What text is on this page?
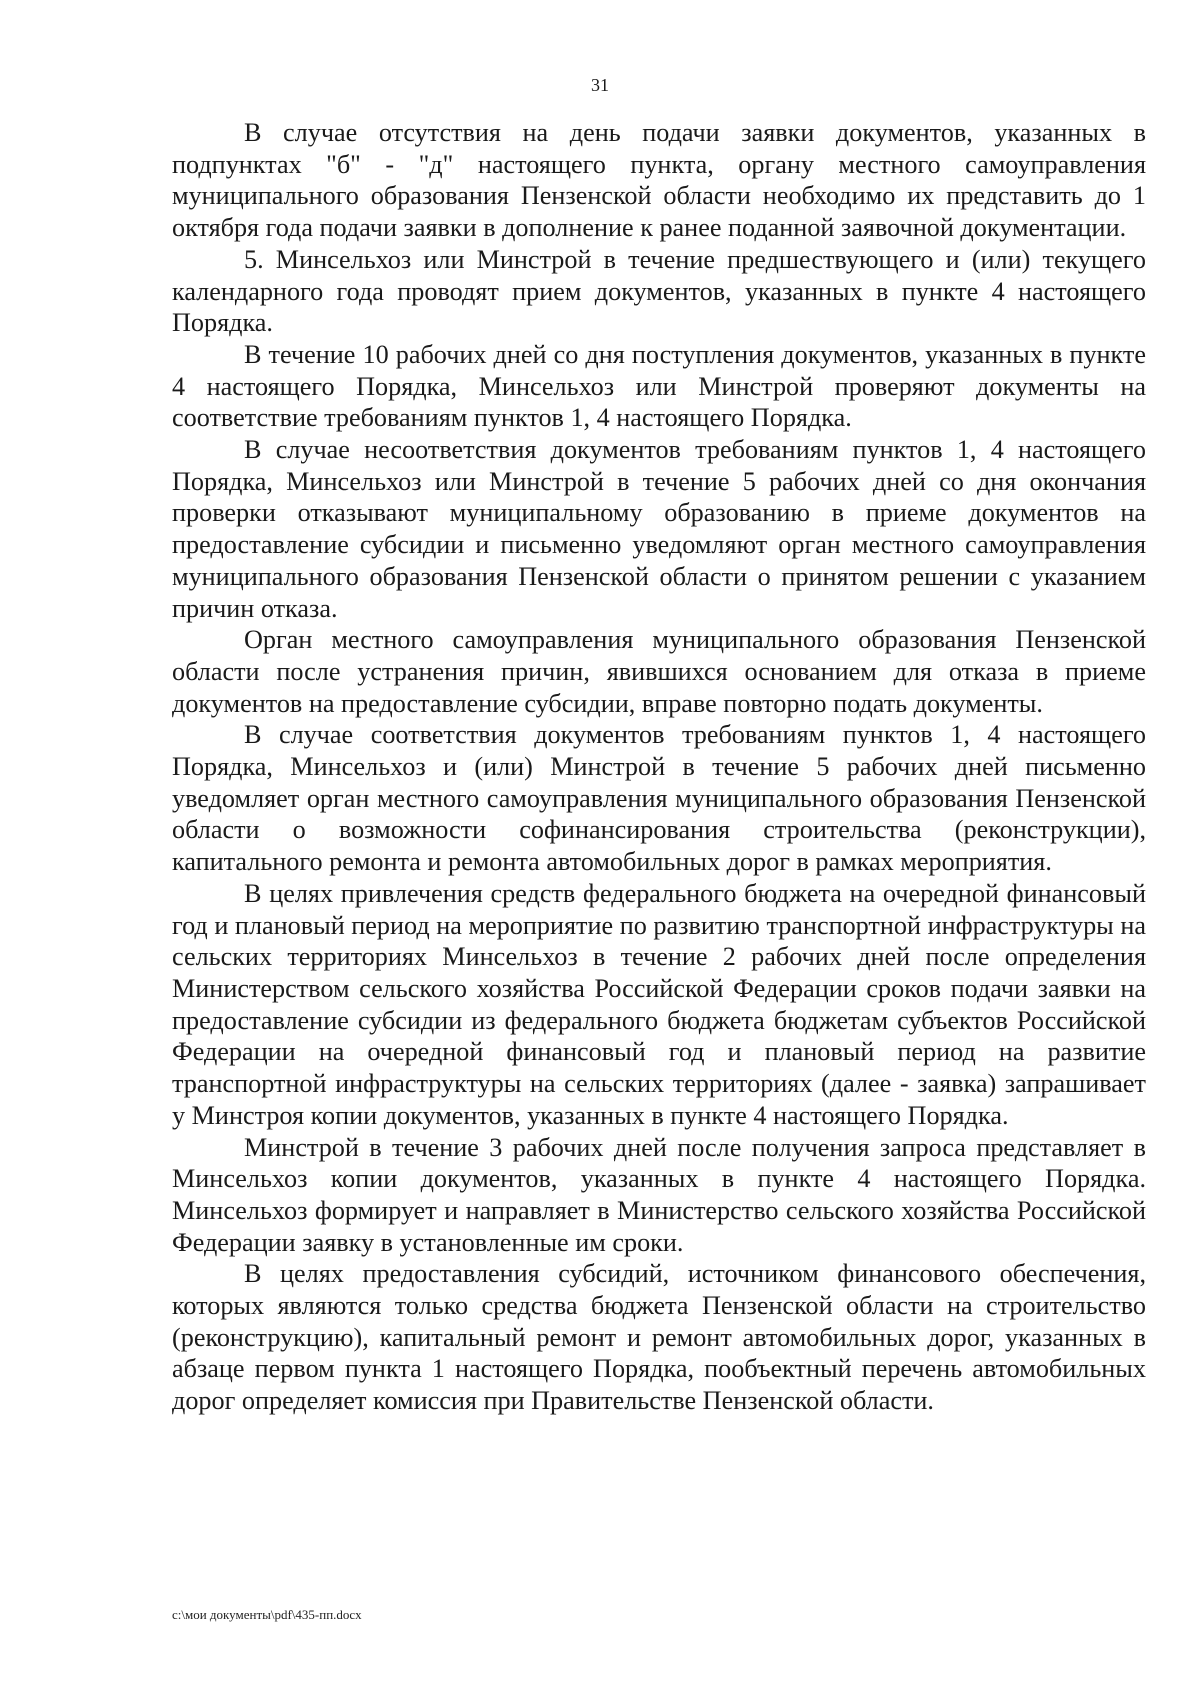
31

В случае отсутствия на день подачи заявки документов, указанных в подпунктах "б" - "д" настоящего пункта, органу местного самоуправления муниципального образования Пензенской области необходимо их представить до 1 октября года подачи заявки в дополнение к ранее поданной заявочной документации.

5. Минсельхоз или Минстрой в течение предшествующего и (или) текущего календарного года проводят прием документов, указанных в пункте 4 настоящего Порядка.

В течение 10 рабочих дней со дня поступления документов, указанных в пункте 4 настоящего Порядка, Минсельхоз или Минстрой проверяют документы на соответствие требованиям пунктов 1, 4 настоящего Порядка.

В случае несоответствия документов требованиям пунктов 1, 4 настоящего Порядка, Минсельхоз или Минстрой в течение 5 рабочих дней со дня окончания проверки отказывают муниципальному образованию в приеме документов на предоставление субсидии и письменно уведомляют орган местного самоуправления муниципального образования Пензенской области о принятом решении с указанием причин отказа.

Орган местного самоуправления муниципального образования Пензенской области после устранения причин, явившихся основанием для отказа в приеме документов на предоставление субсидии, вправе повторно подать документы.

В случае соответствия документов требованиям пунктов 1, 4 настоящего Порядка, Минсельхоз и (или) Минстрой в течение 5 рабочих дней письменно уведомляет орган местного самоуправления муниципального образования Пензенской области о возможности софинансирования строительства (реконструкции), капитального ремонта и ремонта автомобильных дорог в рамках мероприятия.

В целях привлечения средств федерального бюджета на очередной финансовый год и плановый период на мероприятие по развитию транспортной инфраструктуры на сельских территориях Минсельхоз в течение 2 рабочих дней после определения Министерством сельского хозяйства Российской Федерации сроков подачи заявки на предоставление субсидии из федерального бюджета бюджетам субъектов Российской Федерации на очередной финансовый год и плановый период на развитие транспортной инфраструктуры на сельских территориях (далее - заявка) запрашивает у Минстроя копии документов, указанных в пункте 4 настоящего Порядка.

Минстрой в течение 3 рабочих дней после получения запроса представляет в Минсельхоз копии документов, указанных в пункте 4 настоящего Порядка. Минсельхоз формирует и направляет в Министерство сельского хозяйства Российской Федерации заявку в установленные им сроки.

В целях предоставления субсидий, источником финансового обеспечения, которых являются только средства бюджета Пензенской области на строительство (реконструкцию), капитальный ремонт и ремонт автомобильных дорог, указанных в абзаце первом пункта 1 настоящего Порядка, пообъектный перечень автомобильных дорог определяет комиссия при Правительстве Пензенской области.

c:\мои документы\pdf\435-пп.docx
